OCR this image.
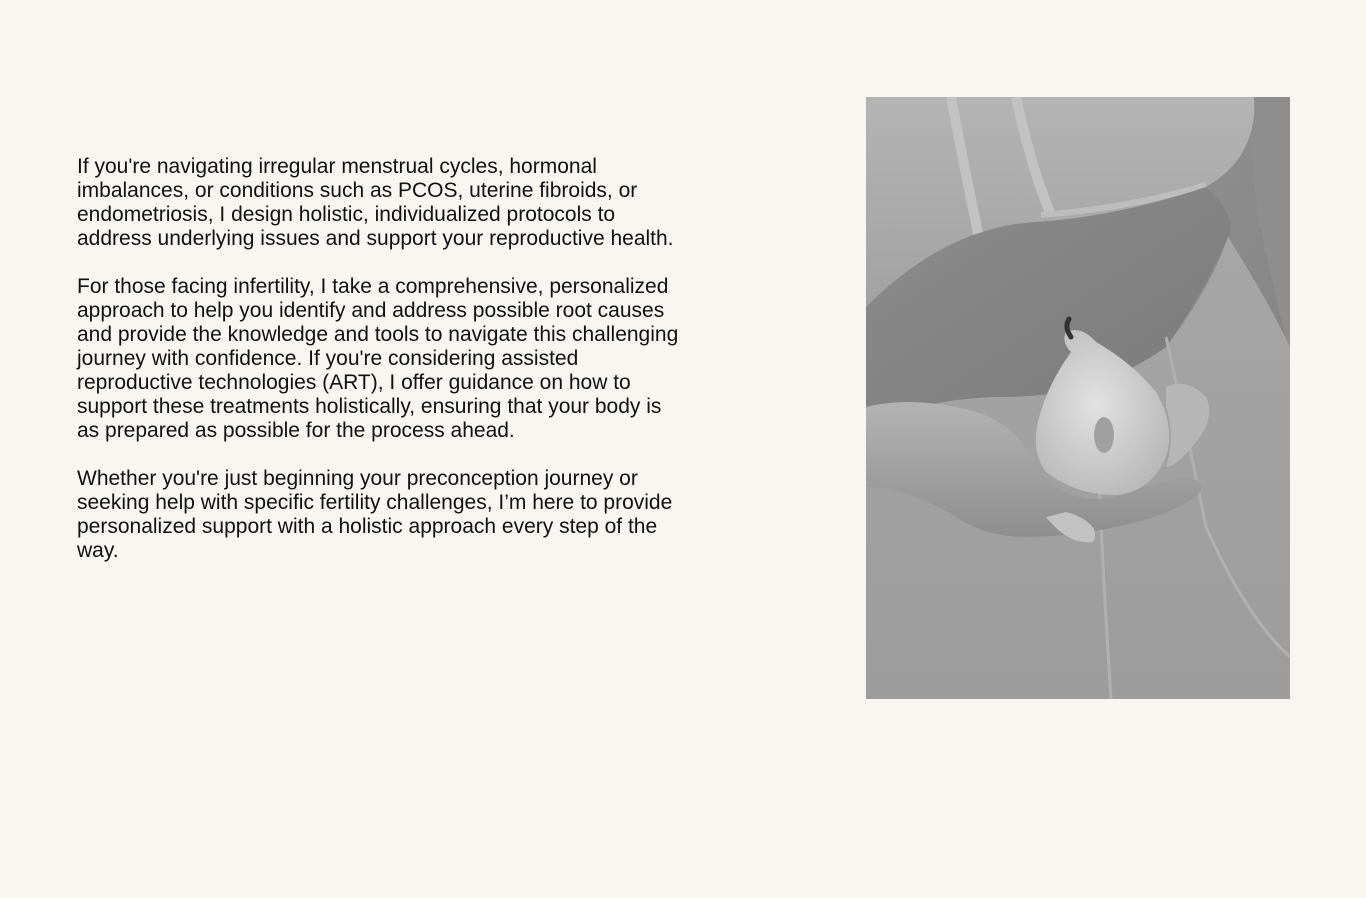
If you're navigating irregular menstrual cycles, hormonal imbalances, or conditions such as PCOS, uterine fibroids, or endometriosis, I design holistic, individualized protocols to address underlying issues and support your reproductive health.

For those facing infertility, I take a comprehensive, personalized approach to help you identify and address possible root causes and provide the knowledge and tools to navigate this challenging journey with confidence. If you're considering assisted reproductive technologies (ART), I offer guidance on how to support these treatments holistically, ensuring that your body is as prepared as possible for the process ahead.

Whether you're just beginning your preconception journey or seeking help with specific fertility challenges, I’m here to provide personalized support with a holistic approach every step of the way.
